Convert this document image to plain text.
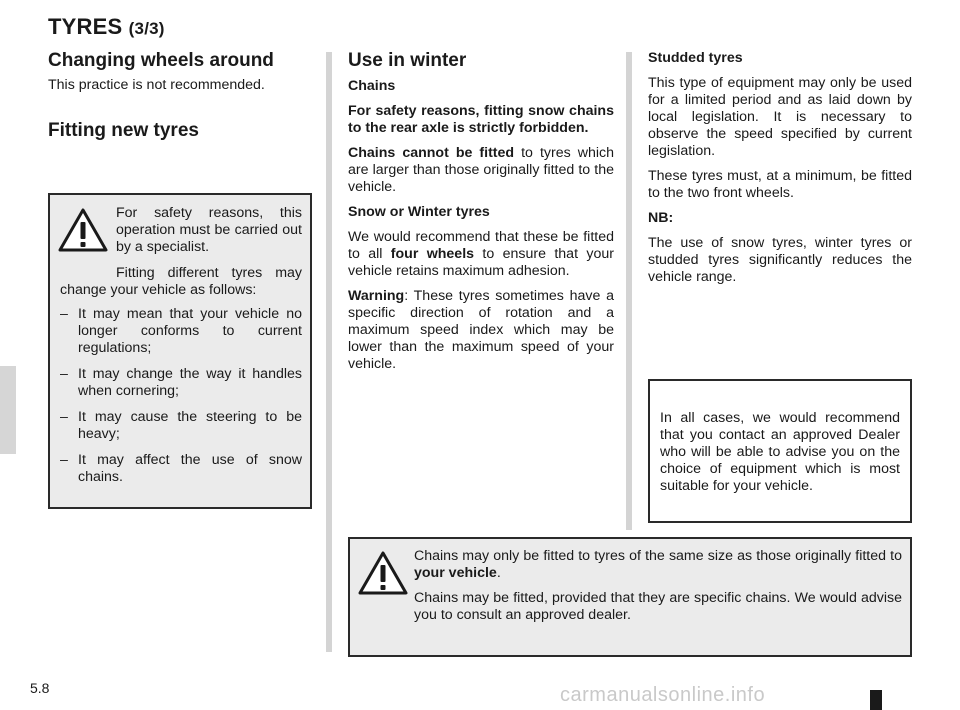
TYRES (3/3)
Changing wheels around
This practice is not recommended.
Fitting new tyres
For safety reasons, this operation must be carried out by a specialist.
Fitting different tyres may change your vehicle as follows:
– It may mean that your vehicle no longer conforms to current regulations;
– It may change the way it handles when cornering;
– It may cause the steering to be heavy;
– It may affect the use of snow chains.
Use in winter
Chains
For safety reasons, fitting snow chains to the rear axle is strictly forbidden.
Chains cannot be fitted to tyres which are larger than those originally fitted to the vehicle.
Snow or Winter tyres
We would recommend that these be fitted to all four wheels to ensure that your vehicle retains maximum adhesion.
Warning: These tyres sometimes have a specific direction of rotation and a maximum speed index which may be lower than the maximum speed of your vehicle.
Studded tyres
This type of equipment may only be used for a limited period and as laid down by local legislation. It is necessary to observe the speed specified by current legislation.
These tyres must, at a minimum, be fitted to the two front wheels.
NB:
The use of snow tyres, winter tyres or studded tyres significantly reduces the vehicle range.
In all cases, we would recommend that you contact an approved Dealer who will be able to advise you on the choice of equipment which is most suitable for your vehicle.
Chains may only be fitted to tyres of the same size as those originally fitted to your vehicle.
Chains may be fitted, provided that they are specific chains. We would advise you to consult an approved dealer.
5.8	carmanualsonline.info
